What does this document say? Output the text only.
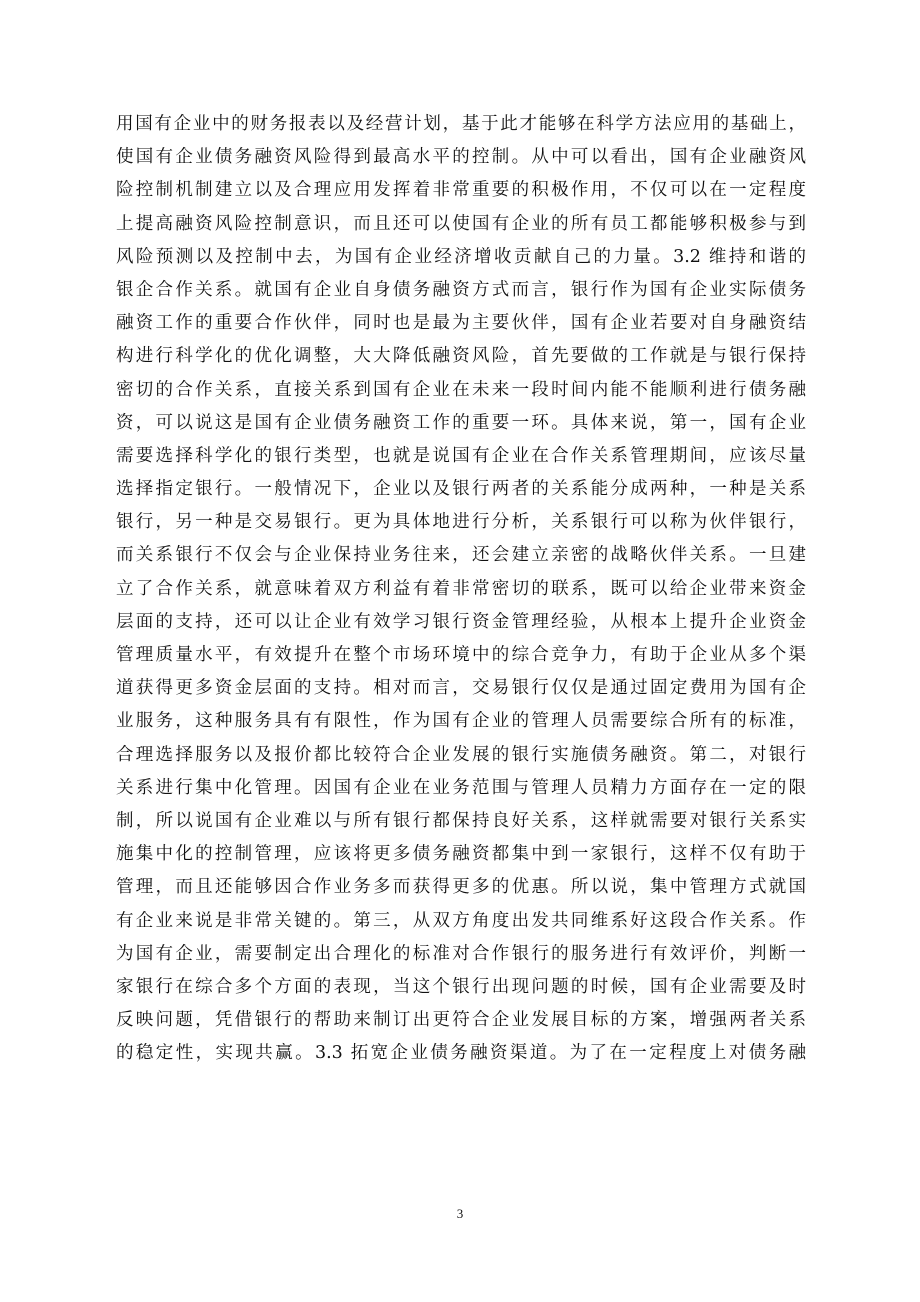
用国有企业中的财务报表以及经营计划，基于此才能够在科学方法应用的基础上，
使国有企业债务融资风险得到最高水平的控制。从中可以看出，国有企业融资风
险控制机制建立以及合理应用发挥着非常重要的积极作用，不仅可以在一定程度
上提高融资风险控制意识，而且还可以使国有企业的所有员工都能够积极参与到
风险预测以及控制中去，为国有企业经济增收贡献自己的力量。3.2 维持和谐的
银企合作关系。就国有企业自身债务融资方式而言，银行作为国有企业实际债务
融资工作的重要合作伙伴，同时也是最为主要伙伴，国有企业若要对自身融资结
构进行科学化的优化调整，大大降低融资风险，首先要做的工作就是与银行保持
密切的合作关系，直接关系到国有企业在未来一段时间内能不能顺利进行债务融
资，可以说这是国有企业债务融资工作的重要一环。具体来说，第一，国有企业
需要选择科学化的银行类型，也就是说国有企业在合作关系管理期间，应该尽量
选择指定银行。一般情况下，企业以及银行两者的关系能分成两种，一种是关系
银行，另一种是交易银行。更为具体地进行分析，关系银行可以称为伙伴银行，
而关系银行不仅会与企业保持业务往来，还会建立亲密的战略伙伴关系。一旦建
立了合作关系，就意味着双方利益有着非常密切的联系，既可以给企业带来资金
层面的支持，还可以让企业有效学习银行资金管理经验，从根本上提升企业资金
管理质量水平，有效提升在整个市场环境中的综合竞争力，有助于企业从多个渠
道获得更多资金层面的支持。相对而言，交易银行仅仅是通过固定费用为国有企
业服务，这种服务具有有限性，作为国有企业的管理人员需要综合所有的标准，
合理选择服务以及报价都比较符合企业发展的银行实施债务融资。第二，对银行
关系进行集中化管理。因国有企业在业务范围与管理人员精力方面存在一定的限
制，所以说国有企业难以与所有银行都保持良好关系，这样就需要对银行关系实
施集中化的控制管理，应该将更多债务融资都集中到一家银行，这样不仅有助于
管理，而且还能够因合作业务多而获得更多的优惠。所以说，集中管理方式就国
有企业来说是非常关键的。第三，从双方角度出发共同维系好这段合作关系。作
为国有企业，需要制定出合理化的标准对合作银行的服务进行有效评价，判断一
家银行在综合多个方面的表现，当这个银行出现问题的时候，国有企业需要及时
反映问题，凭借银行的帮助来制订出更符合企业发展目标的方案，增强两者关系
的稳定性，实现共赢。3.3 拓宽企业债务融资渠道。为了在一定程度上对债务融
3
